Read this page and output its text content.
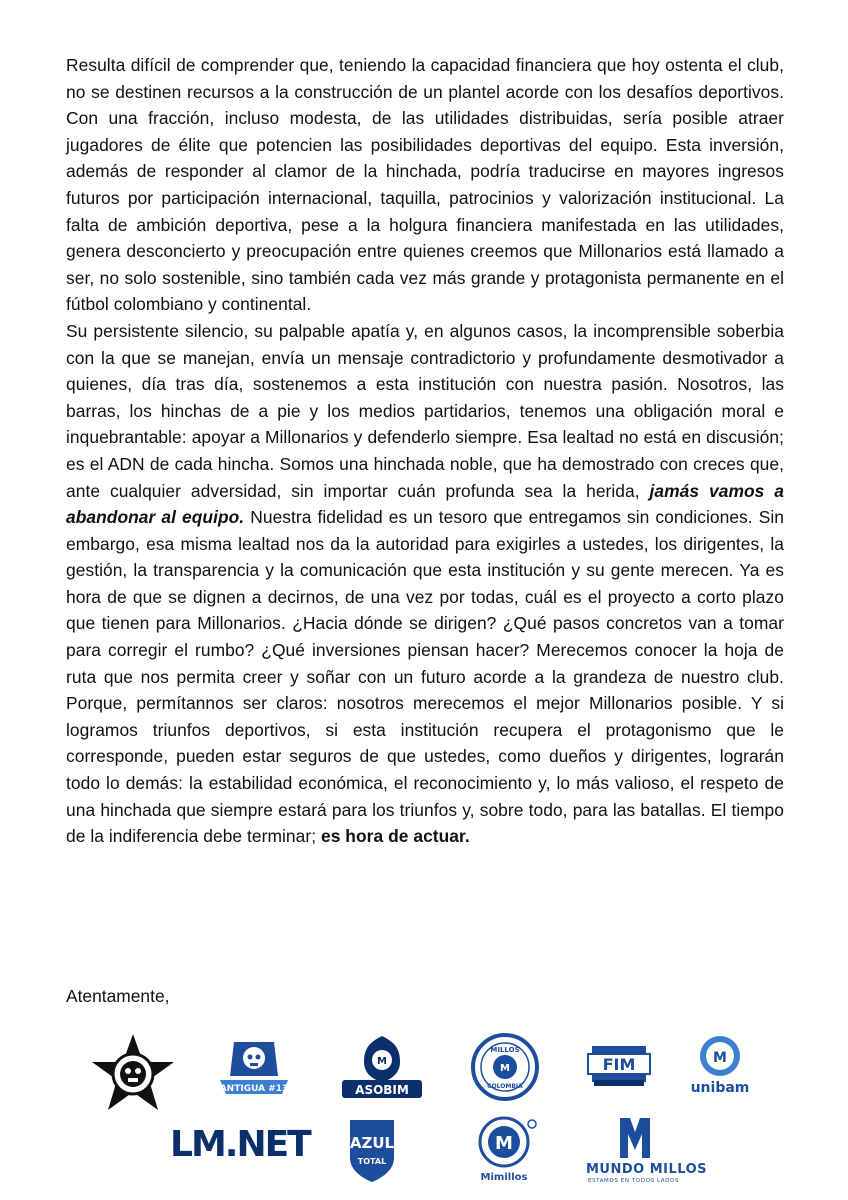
Resulta difícil de comprender que, teniendo la capacidad financiera que hoy ostenta el club, no se destinen recursos a la construcción de un plantel acorde con los desafíos deportivos. Con una fracción, incluso modesta, de las utilidades distribuidas, sería posible atraer jugadores de élite que potencien las posibilidades deportivas del equipo. Esta inversión, además de responder al clamor de la hinchada, podría traducirse en mayores ingresos futuros por participación internacional, taquilla, patrocinios y valorización institucional. La falta de ambición deportiva, pese a la holgura financiera manifestada en las utilidades, genera desconcierto y preocupación entre quienes creemos que Millonarios está llamado a ser, no solo sostenible, sino también cada vez más grande y protagonista permanente en el fútbol colombiano y continental.

Su persistente silencio, su palpable apatía y, en algunos casos, la incomprensible soberbia con la que se manejan, envía un mensaje contradictorio y profundamente desmotivador a quienes, día tras día, sostenemos a esta institución con nuestra pasión. Nosotros, las barras, los hinchas de a pie y los medios partidarios, tenemos una obligación moral e inquebrantable: apoyar a Millonarios y defenderlo siempre. Esa lealtad no está en discusión; es el ADN de cada hincha. Somos una hinchada noble, que ha demostrado con creces que, ante cualquier adversidad, sin importar cuán profunda sea la herida, jamás vamos a abandonar al equipo. Nuestra fidelidad es un tesoro que entregamos sin condiciones. Sin embargo, esa misma lealtad nos da la autoridad para exigirles a ustedes, los dirigentes, la gestión, la transparencia y la comunicación que esta institución y su gente merecen. Ya es hora de que se dignen a decirnos, de una vez por todas, cuál es el proyecto a corto plazo que tienen para Millonarios. ¿Hacia dónde se dirigen? ¿Qué pasos concretos van a tomar para corregir el rumbo? ¿Qué inversiones piensan hacer? Merecemos conocer la hoja de ruta que nos permita creer y soñar con un futuro acorde a la grandeza de nuestro club. Porque, permítannos ser claros: nosotros merecemos el mejor Millonarios posible. Y si logramos triunfos deportivos, si esta institución recupera el protagonismo que le corresponde, pueden estar seguros de que ustedes, como dueños y dirigentes, lograrán todo lo demás: la estabilidad económica, el reconocimiento y, lo más valioso, el respeto de una hinchada que siempre estará para los triunfos y, sobre todo, para las batallas. El tiempo de la indiferencia debe terminar; es hora de actuar.

Atentamente,
ANTIGUA #13
M
ASOBIM
M
MILLOS
COLOMBIA
FIM	M
unibam
LM.NET	AZUL
TOTAL
M
Mimillos
MUNDO MILLOS
ESTAMOS EN TODOS LADOS
